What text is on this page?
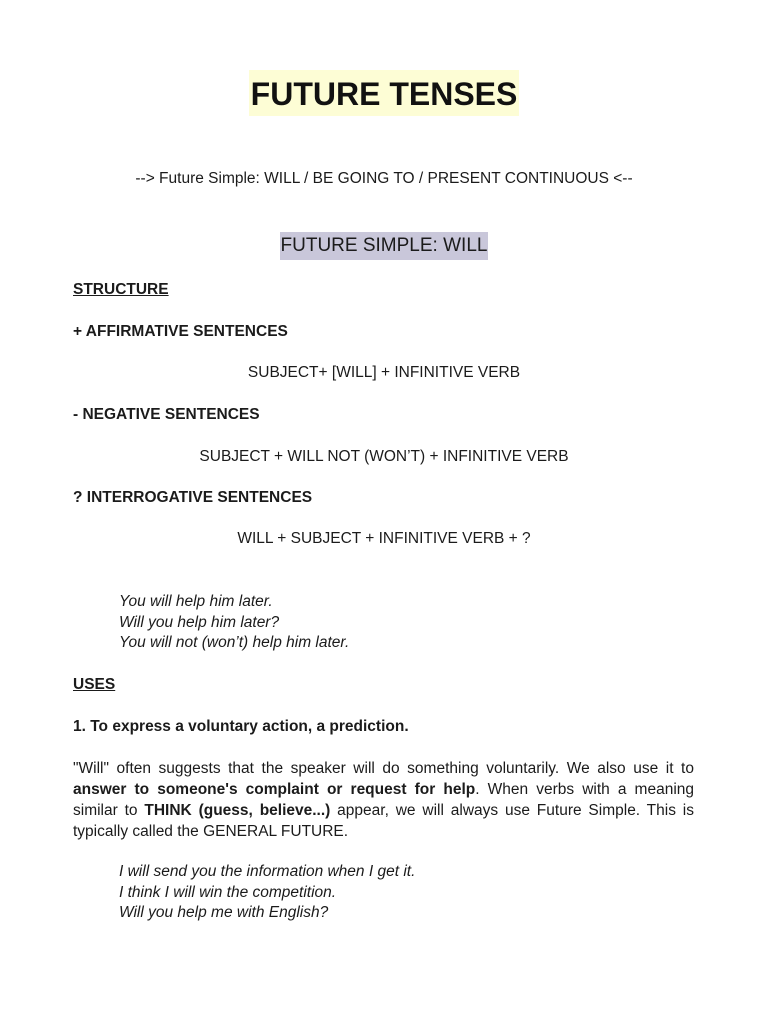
FUTURE TENSES
--> Future Simple: WILL / BE GOING TO / PRESENT CONTINUOUS <--
FUTURE SIMPLE: WILL
STRUCTURE
+ AFFIRMATIVE SENTENCES
SUBJECT+ [WILL] + INFINITIVE VERB
- NEGATIVE SENTENCES
SUBJECT + WILL NOT (WON’T) + INFINITIVE VERB
? INTERROGATIVE SENTENCES
WILL + SUBJECT + INFINITIVE VERB + ?
You will help him later.
Will you help him later?
You will not (won’t) help him later.
USES
1. To express a voluntary action, a prediction.
"Will" often suggests that the speaker will do something voluntarily. We also use it to answer to someone's complaint or request for help. When verbs with a meaning similar to THINK (guess, believe...) appear, we will always use Future Simple. This is typically called the GENERAL FUTURE.
I will send you the information when I get it.
I think I will win the competition.
Will you help me with English?
